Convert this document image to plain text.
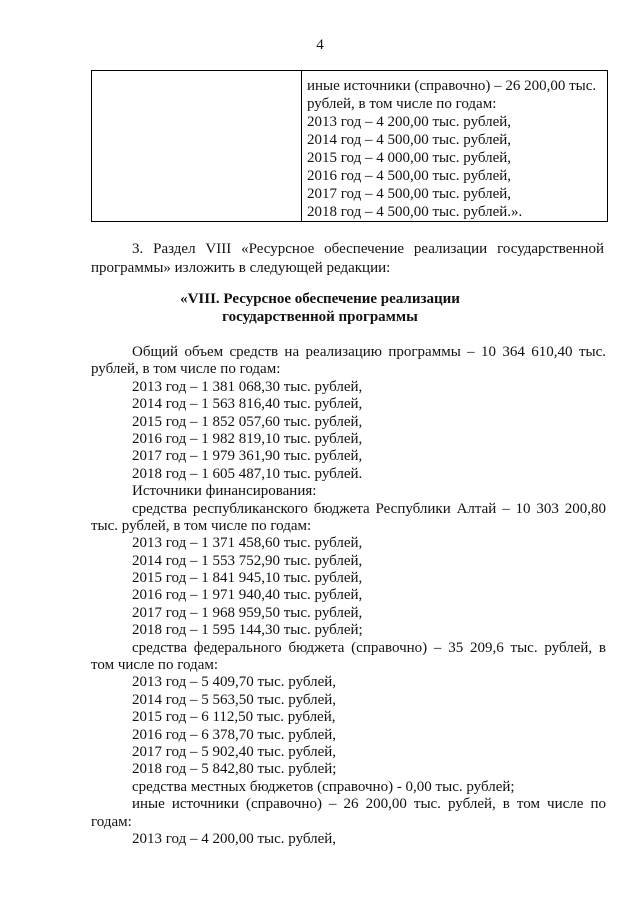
4

иные источники (справочно) – 26 200,00 тыс.
рублей, в том числе по годам:
2013 год – 4 200,00 тыс. рублей,
2014 год – 4 500,00 тыс. рублей,
2015 год – 4 000,00 тыс. рублей,
2016 год – 4 500,00 тыс. рублей,
2017 год – 4 500,00 тыс. рублей,
2018 год – 4 500,00 тыс. рублей.».
3. Раздел VIII «Ресурсное обеспечение реализации государственной
программы» изложить в следующей редакции:
«VIII. Ресурсное обеспечение реализации
государственной программы
Общий объем средств на реализацию программы – 10 364 610,40 тыс.
рублей, в том числе по годам:
2013 год – 1 381 068,30 тыс. рублей,
2014 год – 1 563 816,40 тыс. рублей,
2015 год – 1 852 057,60 тыс. рублей,
2016 год – 1 982 819,10 тыс. рублей,
2017 год – 1 979 361,90 тыс. рублей,
2018 год – 1 605 487,10 тыс. рублей.
Источники финансирования:
средства республиканского бюджета Республики Алтай – 10 303 200,80
тыс. рублей, в том числе по годам:
2013 год – 1 371 458,60 тыс. рублей,
2014 год – 1 553 752,90 тыс. рублей,
2015 год – 1 841 945,10 тыс. рублей,
2016 год – 1 971 940,40 тыс. рублей,
2017 год – 1 968 959,50 тыс. рублей,
2018 год – 1 595 144,30 тыс. рублей;
средства федерального бюджета (справочно) – 35 209,6 тыс. рублей, в
том числе по годам:
2013 год – 5 409,70 тыс. рублей,
2014 год – 5 563,50 тыс. рублей,
2015 год – 6 112,50 тыс. рублей,
2016 год – 6 378,70 тыс. рублей,
2017 год – 5 902,40 тыс. рублей,
2018 год – 5 842,80 тыс. рублей;
средства местных бюджетов (справочно) - 0,00 тыс. рублей;
иные источники (справочно) – 26 200,00 тыс. рублей, в том числе по
годам:
2013 год – 4 200,00 тыс. рублей,
